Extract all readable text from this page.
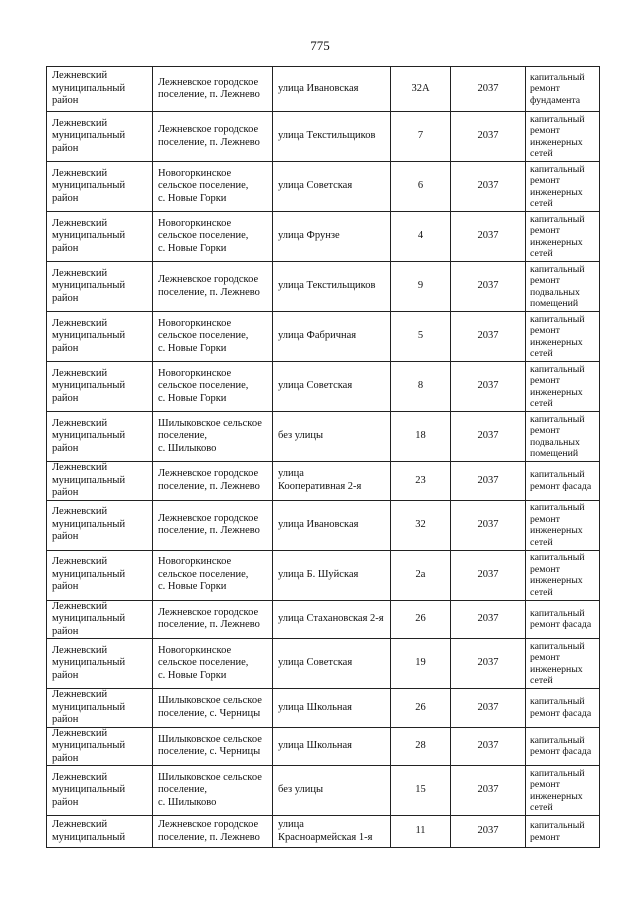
775
Лежневский
муниципальный
район	Лежневское городское
поселение, п. Лежнево	улица Ивановская	32А	2037	капитальный
ремонт
фундамента

Лежневский
муниципальный
район	Лежневское городское
поселение, п. Лежнево	улица Текстильщиков	7	2037	капитальный
ремонт
инженерных
сетей

Лежневский
муниципальный
район	Новогоркинское
сельское поселение,
с. Новые Горки	улица Советская	6	2037	капитальный
ремонт
инженерных
сетей

Лежневский
муниципальный
район	Новогоркинское
сельское поселение,
с. Новые Горки	улица Фрунзе	4	2037	капитальный
ремонт
инженерных
сетей

Лежневский
муниципальный
район	Лежневское городское
поселение, п. Лежнево	улица Текстильщиков	9	2037	капитальный
ремонт
подвальных
помещений

Лежневский
муниципальный
район	Новогоркинское
сельское поселение,
с. Новые Горки	улица Фабричная	5	2037	капитальный
ремонт
инженерных
сетей

Лежневский
муниципальный
район	Новогоркинское
сельское поселение,
с. Новые Горки	улица Советская	8	2037	капитальный
ремонт
инженерных
сетей

Лежневский
муниципальный
район	Шилыковское сельское
поселение,
с. Шилыково	без улицы	18	2037	капитальный
ремонт
подвальных
помещений

Лежневский
муниципальный
район	Лежневское городское
поселение, п. Лежнево	улица
Кооперативная 2-я	23	2037	капитальный
ремонт фасада

Лежневский
муниципальный
район	Лежневское городское
поселение, п. Лежнево	улица Ивановская	32	2037	капитальный
ремонт
инженерных
сетей

Лежневский
муниципальный
район	Новогоркинское
сельское поселение,
с. Новые Горки	улица Б. Шуйская	2а	2037	капитальный
ремонт
инженерных
сетей

Лежневский
муниципальный
район	Лежневское городское
поселение, п. Лежнево	улица Стахановская 2-я	26	2037	капитальный
ремонт фасада

Лежневский
муниципальный
район	Новогоркинское
сельское поселение,
с. Новые Горки	улица Советская	19	2037	капитальный
ремонт
инженерных
сетей

Лежневский
муниципальный
район	Шилыковское сельское
поселение, с. Черницы	улица Школьная	26	2037	капитальный
ремонт фасада

Лежневский
муниципальный
район	Шилыковское сельское
поселение, с. Черницы	улица Школьная	28	2037	капитальный
ремонт фасада

Лежневский
муниципальный
район	Шилыковское сельское
поселение,
с. Шилыково	без улицы	15	2037	капитальный
ремонт
инженерных
сетей

Лежневский
муниципальный	Лежневское городское
поселение, п. Лежнево	улица
Красноармейская 1-я	11	2037	капитальный
ремонт
